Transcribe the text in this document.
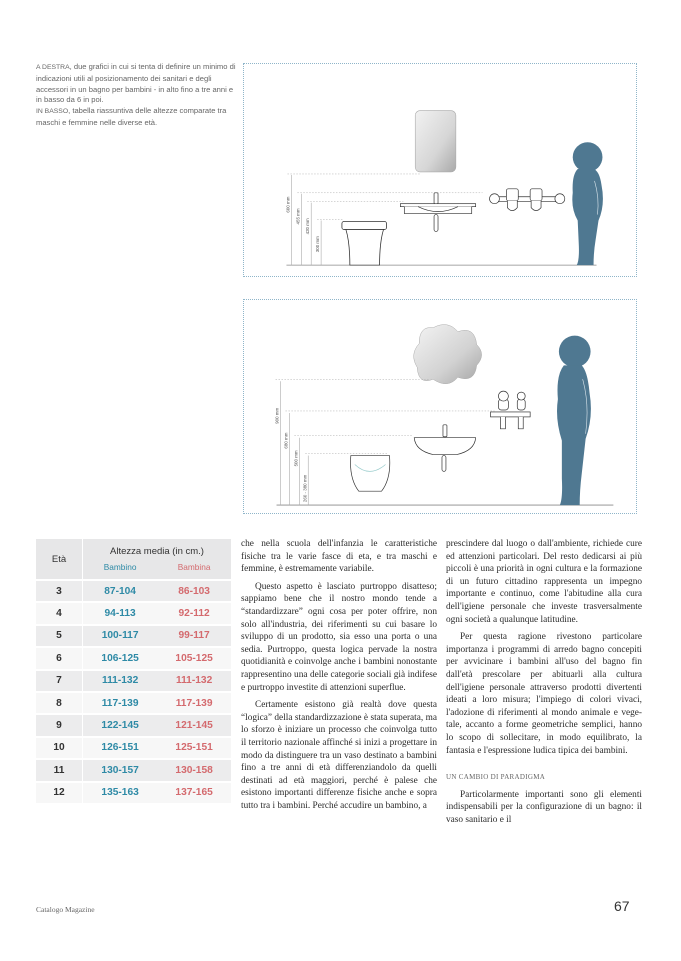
A DESTRA, due grafici in cui si tenta di definire un minimo di indicazioni utili al posizionamento dei sanitari e degli accessori in un bagno per bambini - in alto fino a tre anni e in basso da 6 in poi.
IN BASSO, tabella riassuntiva delle altezze comparate tra maschi e femmine nelle diverse età.
600 mm
455 mm
420 mm
300 mm
900 mm
680 mm
500 mm
260 - 380 mm
Età	Altezza media (in cm.)	
	Bambino	Bambina
3	87-104	86-103
4	94-113	92-112
5	100-117	99-117
6	106-125	105-125
7	111-132	111-132
8	117-139	117-139
9	122-145	121-145
10	126-151	125-151
11	130-157	130-158
12	135-163	137-165

che nella scuola dell'infanzia le caratteristiche fisiche tra le varie fasce di eta, e tra maschi e femmine, è estremamente variabile.

Questo aspetto è lasciato purtroppo disatteso; sappiamo bene che il nostro mondo tende a “standardizzare” ogni cosa per poter offrire, non solo all'industria, dei riferimenti su cui basare lo sviluppo di un prodotto, sia esso una porta o una sedia. Purtroppo, questa logica pervade la nostra quotidianità e coinvolge anche i bambini nonostante rappresentino una delle categorie sociali già indifese e purtroppo investite di attenzioni superflue.

Certamente esistono già realtà dove questa “logica” della standardizzazione è stata superata, ma lo sforzo è iniziare un processo che coinvolga tutto il territorio nazionale affinché si inizi a progettare in modo da distinguere tra un vaso destinato a bambini fino a tre anni di età differenziandolo da quelli destinati ad età maggiori, perché è palese che esistono importanti differenze fisiche anche e sopra tutto tra i bambini. Perché accudire un bambino, a

prescindere dal luogo o dall'ambiente, richiede cure ed attenzioni particolari. Del resto dedicarsi ai più piccoli è una priorità in ogni cultura e la formazione di un futuro cittadino rappresenta un impegno importante e continuo, come l'abitudine alla cura dell'igiene personale che investe trasversalmente ogni società a qualunque latitudine.

Per questa ragione rivestono particolare importanza i programmi di arredo bagno concepiti per avvicinare i bambini all'uso del bagno fin dall'età prescolare per abituarli alla cultura dell'igiene personale attraverso prodotti divertenti ideati a loro misura; l'impiego di colori vivaci, l'adozione di riferimenti al mondo animale e vegetale, accanto a forme geometriche semplici, hanno lo scopo di sollecitare, in modo equilibrato, la fantasia e l'espressione ludica tipica dei bambini.

UN CAMBIO DI PARADIGMA

Particolarmente importanti sono gli elementi indispensabili per la configurazione di un bagno: il vaso sanitario e il

Catalogo Magazine	67
